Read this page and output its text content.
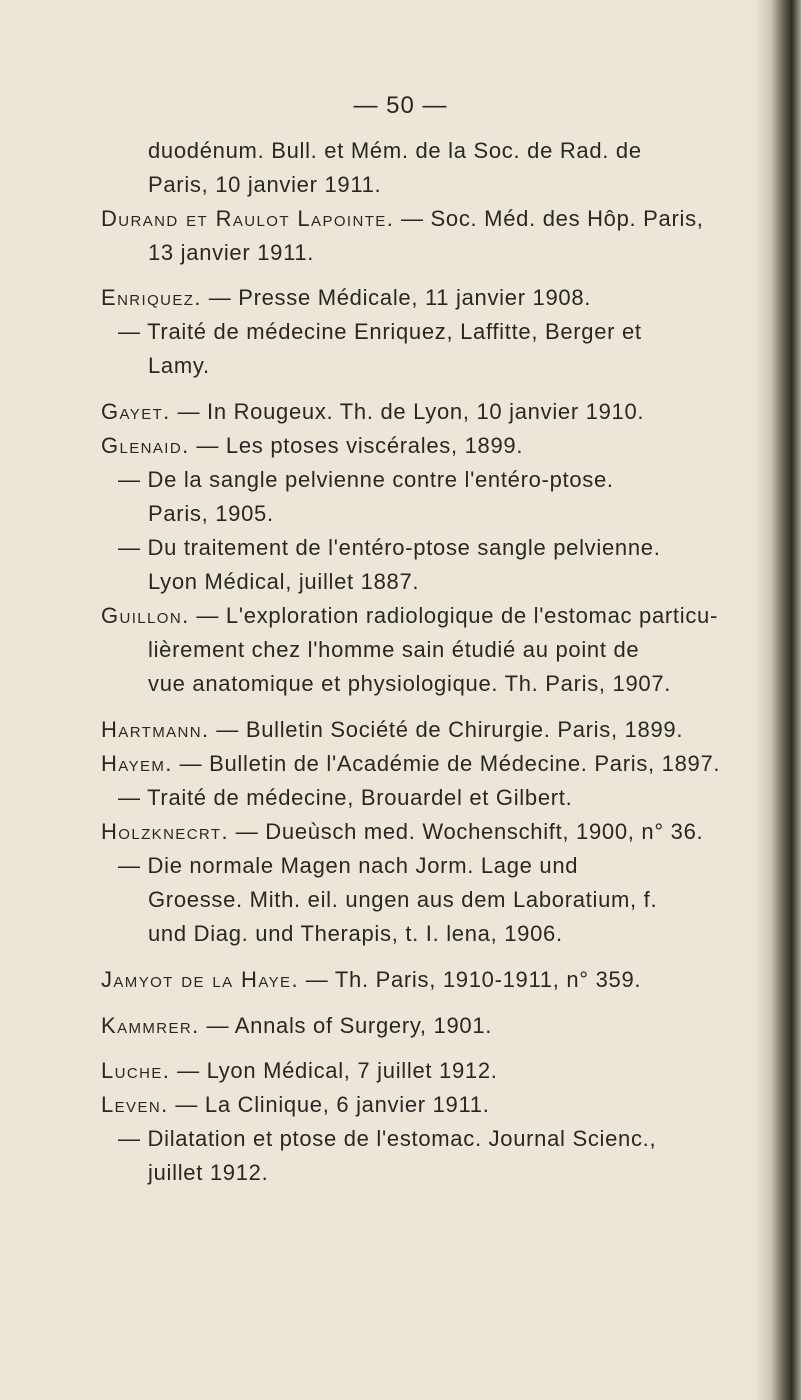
— 50 —
duodénum. Bull. et Mém. de la Soc. de Rad. de
Paris, 10 janvier 1911.
Durand et Raulot Lapointe. — Soc. Méd. des Hôp. Paris,
13 janvier 1911.
Enriquez. — Presse Médicale, 11 janvier 1908.
— Traité de médecine Enriquez, Laffitte, Berger et
Lamy.
Gayet. — In Rougeux. Th. de Lyon, 10 janvier 1910.
Glenaid. — Les ptoses viscérales, 1899.
— De la sangle pelvienne contre l'entéro-ptose.
Paris, 1905.
— Du traitement de l'entéro-ptose sangle pelvienne.
Lyon Médical, juillet 1887.
Guillon. — L'exploration radiologique de l'estomac particu-
lièrement chez l'homme sain étudié au point de
vue anatomique et physiologique. Th. Paris, 1907.
Hartmann. — Bulletin Société de Chirurgie. Paris, 1899.
Hayem. — Bulletin de l'Académie de Médecine. Paris, 1897.
— Traité de médecine, Brouardel et Gilbert.
Holzknecrt. — Dueùsch med. Wochenschift, 1900, n° 36.
— Die normale Magen nach Jorm. Lage und
Groesse. Mith. eil. ungen aus dem Laboratium, f.
und Diag. und Therapis, t. I. lena, 1906.
Jamyot de la Haye. — Th. Paris, 1910-1911, n° 359.
Kammrer. — Annals of Surgery, 1901.
Luche. — Lyon Médical, 7 juillet 1912.
Leven. — La Clinique, 6 janvier 1911.
— Dilatation et ptose de l'estomac. Journal Scienc.,
juillet 1912.
